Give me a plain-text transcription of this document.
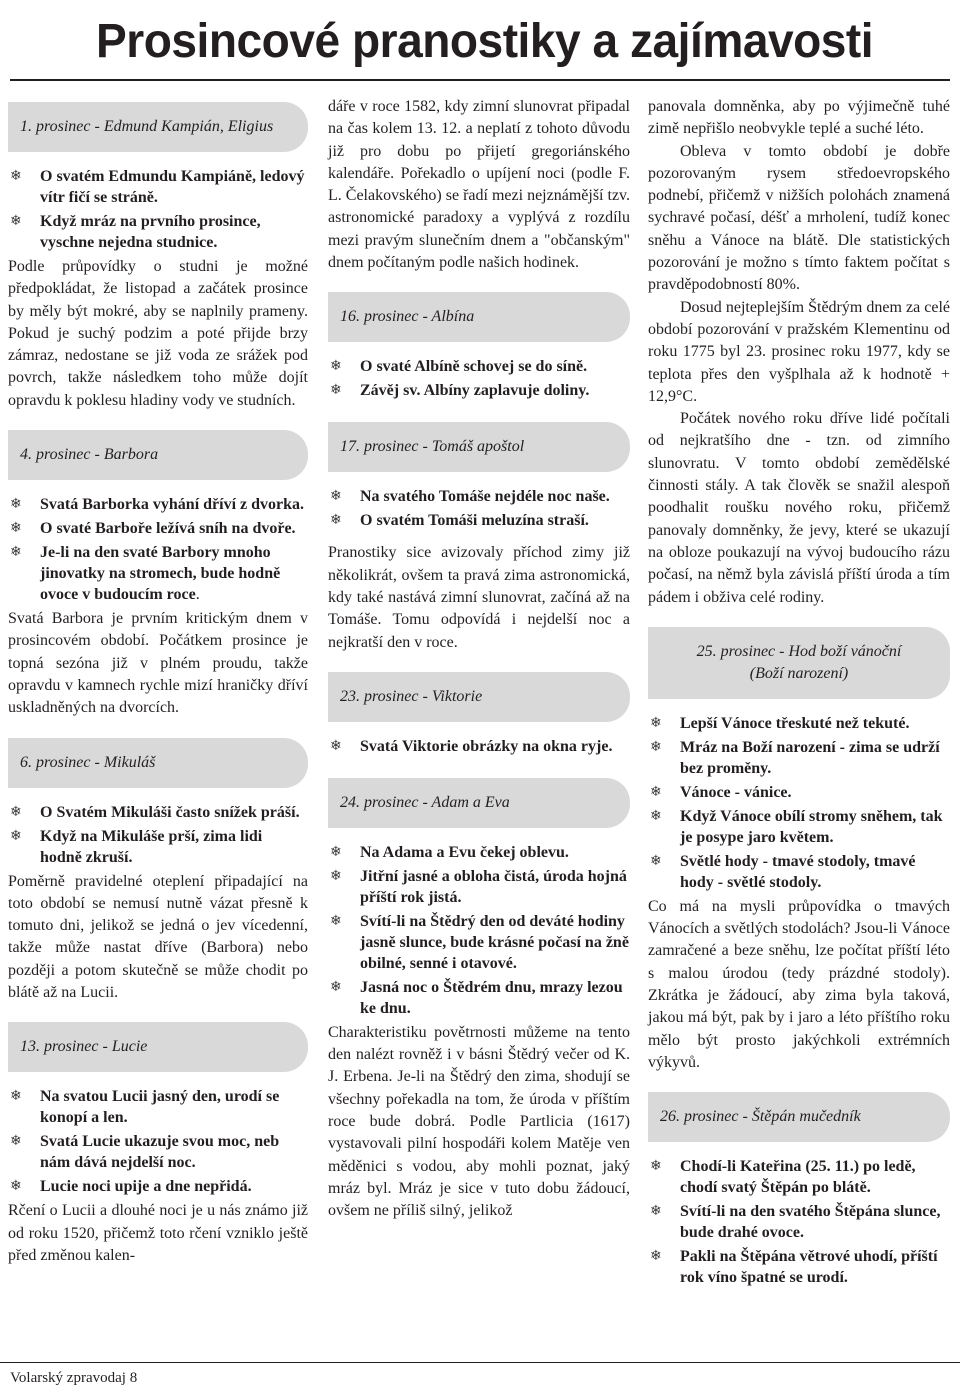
Prosincové pranostiky a zajímavosti
1. prosinec - Edmund Kampián, Eligius
❄ O svatém Edmundu Kampiáně, ledový vítr fičí se stráně.
❄ Když mráz na prvního prosince, vyschne nejedna studnice.

Podle průpovídky o studni je možné předpokládat, že listopad a začátek prosince by měly být mokré, aby se naplnily prameny. Pokud je suchý podzim a poté přijde brzy zámraz, nedostane se již voda ze srážek pod povrch, takže následkem toho může dojít opravdu k poklesu hladiny vody ve studních.

4. prosinec - Barbora
❄ Svatá Barborka vyhání dříví z dvorka.
❄ O svaté Barboře ležívá sníh na dvoře.
❄ Je-li na den svaté Barbory mnoho jinovatky na stromech, bude hodně ovoce v budoucím roce.

Svatá Barbora je prvním kritickým dnem v prosincovém období. Počátkem prosince je topná sezóna již v plném proudu, takže opravdu v kamnech rychle mizí hraničky dříví uskladněných na dvorcích.

6. prosinec - Mikuláš
❄ O Svatém Mikuláši často snížek práší.
❄ Když na Mikuláše prší, zima lidi hodně zkruší.

Poměrně pravidelné oteplení připadající na toto období se nemusí nutně vázat přesně k tomuto dni, jelikož se jedná o jev vícedenní, takže může nastat dříve (Barbora) nebo později a potom skutečně se může chodit po blátě až na Lucii.

13. prosinec - Lucie
❄ Na svatou Lucii jasný den, urodí se konopí a len.
❄ Svatá Lucie ukazuje svou moc, neb nám dává nejdelší noc.
❄ Lucie noci upije a dne nepřidá.

Rčení o Lucii a dlouhé noci je u nás známo již od roku 1520, přičemž toto rčení vzniklo ještě před změnou kalen-

dáře v roce 1582, kdy zimní slunovrat připadal na čas kolem 13. 12. a neplatí z tohoto důvodu již pro dobu po přijetí gregoriánského kalendáře. Pořekadlo o upíjení noci (podle F. L. Čelakovského) se řadí mezi nejznámější tzv. astronomické paradoxy a vyplývá z rozdílu mezi pravým slunečním dnem a "občanským" dnem počítaným podle našich hodinek.

16. prosinec - Albína
❄ O svaté Albíně schovej se do síně.
❄ Závěj sv. Albíny zaplavuje doliny.
17. prosinec - Tomáš apoštol
❄ Na svatého Tomáše nejdéle noc naše.
❄ O svatém Tomáši meluzína straší.

Pranostiky sice avizovaly příchod zimy již několikrát, ovšem ta pravá zima astronomická, kdy také nastává zimní slunovrat, začíná až na Tomáše. Tomu odpovídá i nejdelší noc a nejkratší den v roce.

23. prosinec - Viktorie
❄ Svatá Viktorie obrázky na okna ryje.
24. prosinec - Adam a Eva
❄ Na Adama a Evu čekej oblevu.
❄ Jitřní jasné a obloha čistá, úroda hojná příští rok jistá.
❄ Svítí-li na Štědrý den od deváté hodiny jasně slunce, bude krásné počasí na žně obilné, senné i otavové.
❄ Jasná noc o Štědrém dnu, mrazy lezou ke dnu.

Charakteristiku povětrnosti můžeme na tento den nalézt rovněž i v básni Štědrý večer od K. J. Erbena. Je-li na Štědrý den zima, shodují se všechny pořekadla na tom, že úroda v příštím roce bude dobrá. Podle Partlicia (1617) vystavovali pilní hospodáři kolem Matěje ven měděnici s vodou, aby mohli poznat, jaký mráz byl. Mráz je sice v tuto dobu žádoucí, ovšem ne příliš silný, jelikož

panovala domněnka, aby po výjimečně tuhé zimě nepřišlo neobvykle teplé a suché léto.

Obleva v tomto období je dobře pozorovaným rysem středoevropského podnebí, přičemž v nižších polohách znamená sychravé počasí, déšť a mrholení, tudíž konec sněhu a Vánoce na blátě. Dle statistických pozorování je možno s tímto faktem počítat s pravděpodobností 80%.

Dosud nejteplejším Štědrým dnem za celé období pozorování v pražském Klementinu od roku 1775 byl 23. prosinec roku 1977, kdy se teplota přes den vyšplhala až k hodnotě + 12,9°C.

Počátek nového roku dříve lidé počítali od nejkratšího dne - tzn. od zimního slunovratu. V tomto období zemědělské činnosti stály. A tak člověk se snažil alespoň poodhalit roušku nového roku, přičemž panovaly domněnky, že jevy, které se ukazují na obloze poukazují na vývoj budoucího rázu počasí, na němž byla závislá příští úroda a tím pádem i obživa celé rodiny.

25. prosinec - Hod boží vánoční
(Boží narození)
❄ Lepší Vánoce třeskuté než tekuté.
❄ Mráz na Boží narození - zima se udrží bez proměny.
❄ Vánoce - vánice.
❄ Když Vánoce obílí stromy sněhem, tak je posype jaro květem.
❄ Světlé hody - tmavé stodoly, tmavé hody - světlé stodoly.

Co má na mysli průpovídka o tmavých Vánocích a světlých stodolách? Jsou-li Vánoce zamračené a beze sněhu, lze počítat příští léto s malou úrodou (tedy prázdné stodoly). Zkrátka je žádoucí, aby zima byla taková, jakou má být, pak by i jaro a léto příštího roku mělo být prosto jakýchkoli extrémních výkyvů.

26. prosinec - Štěpán mučedník
❄ Chodí-li Kateřina (25. 11.) po ledě, chodí svatý Štěpán po blátě.
❄ Svítí-li na den svatého Štěpána slunce, bude drahé ovoce.
❄ Pakli na Štěpána větrové uhodí, příští rok víno špatné se urodí.
Volarský zpravodaj 8
